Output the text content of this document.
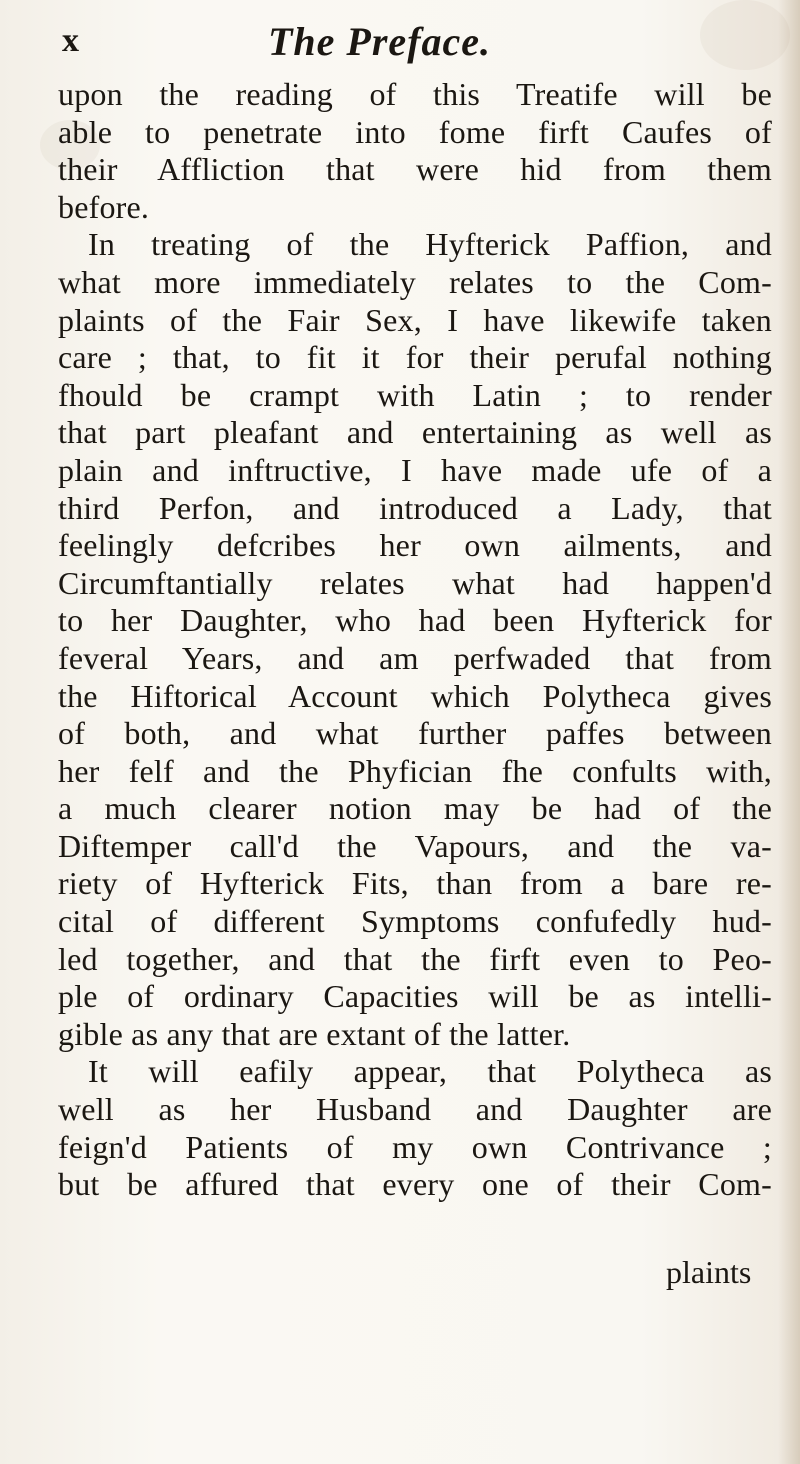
x	The Preface.
upon the reading of this Treatife will be
able to penetrate into fome firft Caufes of
their Affliction that were hid from them
before.
In treating of the Hyfterick Paffion, and
what more immediately relates to the Com-
plaints of the Fair Sex, I have likewife taken
care ; that, to fit it for their perufal nothing
fhould be crampt with Latin ; to render
that part pleafant and entertaining as well as
plain and inftructive, I have made ufe of a
third Perfon, and introduced a Lady, that
feelingly defcribes her own ailments, and
Circumftantially relates what had happen'd
to her Daughter, who had been Hyfterick for
feveral Years, and am perfwaded that from
the Hiftorical Account which Polytheca gives
of both, and what further paffes between
her felf and the Phyfician fhe confults with,
a much clearer notion may be had of the
Diftemper call'd the Vapours, and the va-
riety of Hyfterick Fits, than from a bare re-
cital of different Symptoms confufedly hud-
led together, and that the firft even to Peo-
ple of ordinary Capacities will be as intelli-
gible as any that are extant of the latter.
It will eafily appear, that Polytheca as
well as her Husband and Daughter are
feign'd Patients of my own Contrivance ;
but be affured that every one of their Com-
plaints
